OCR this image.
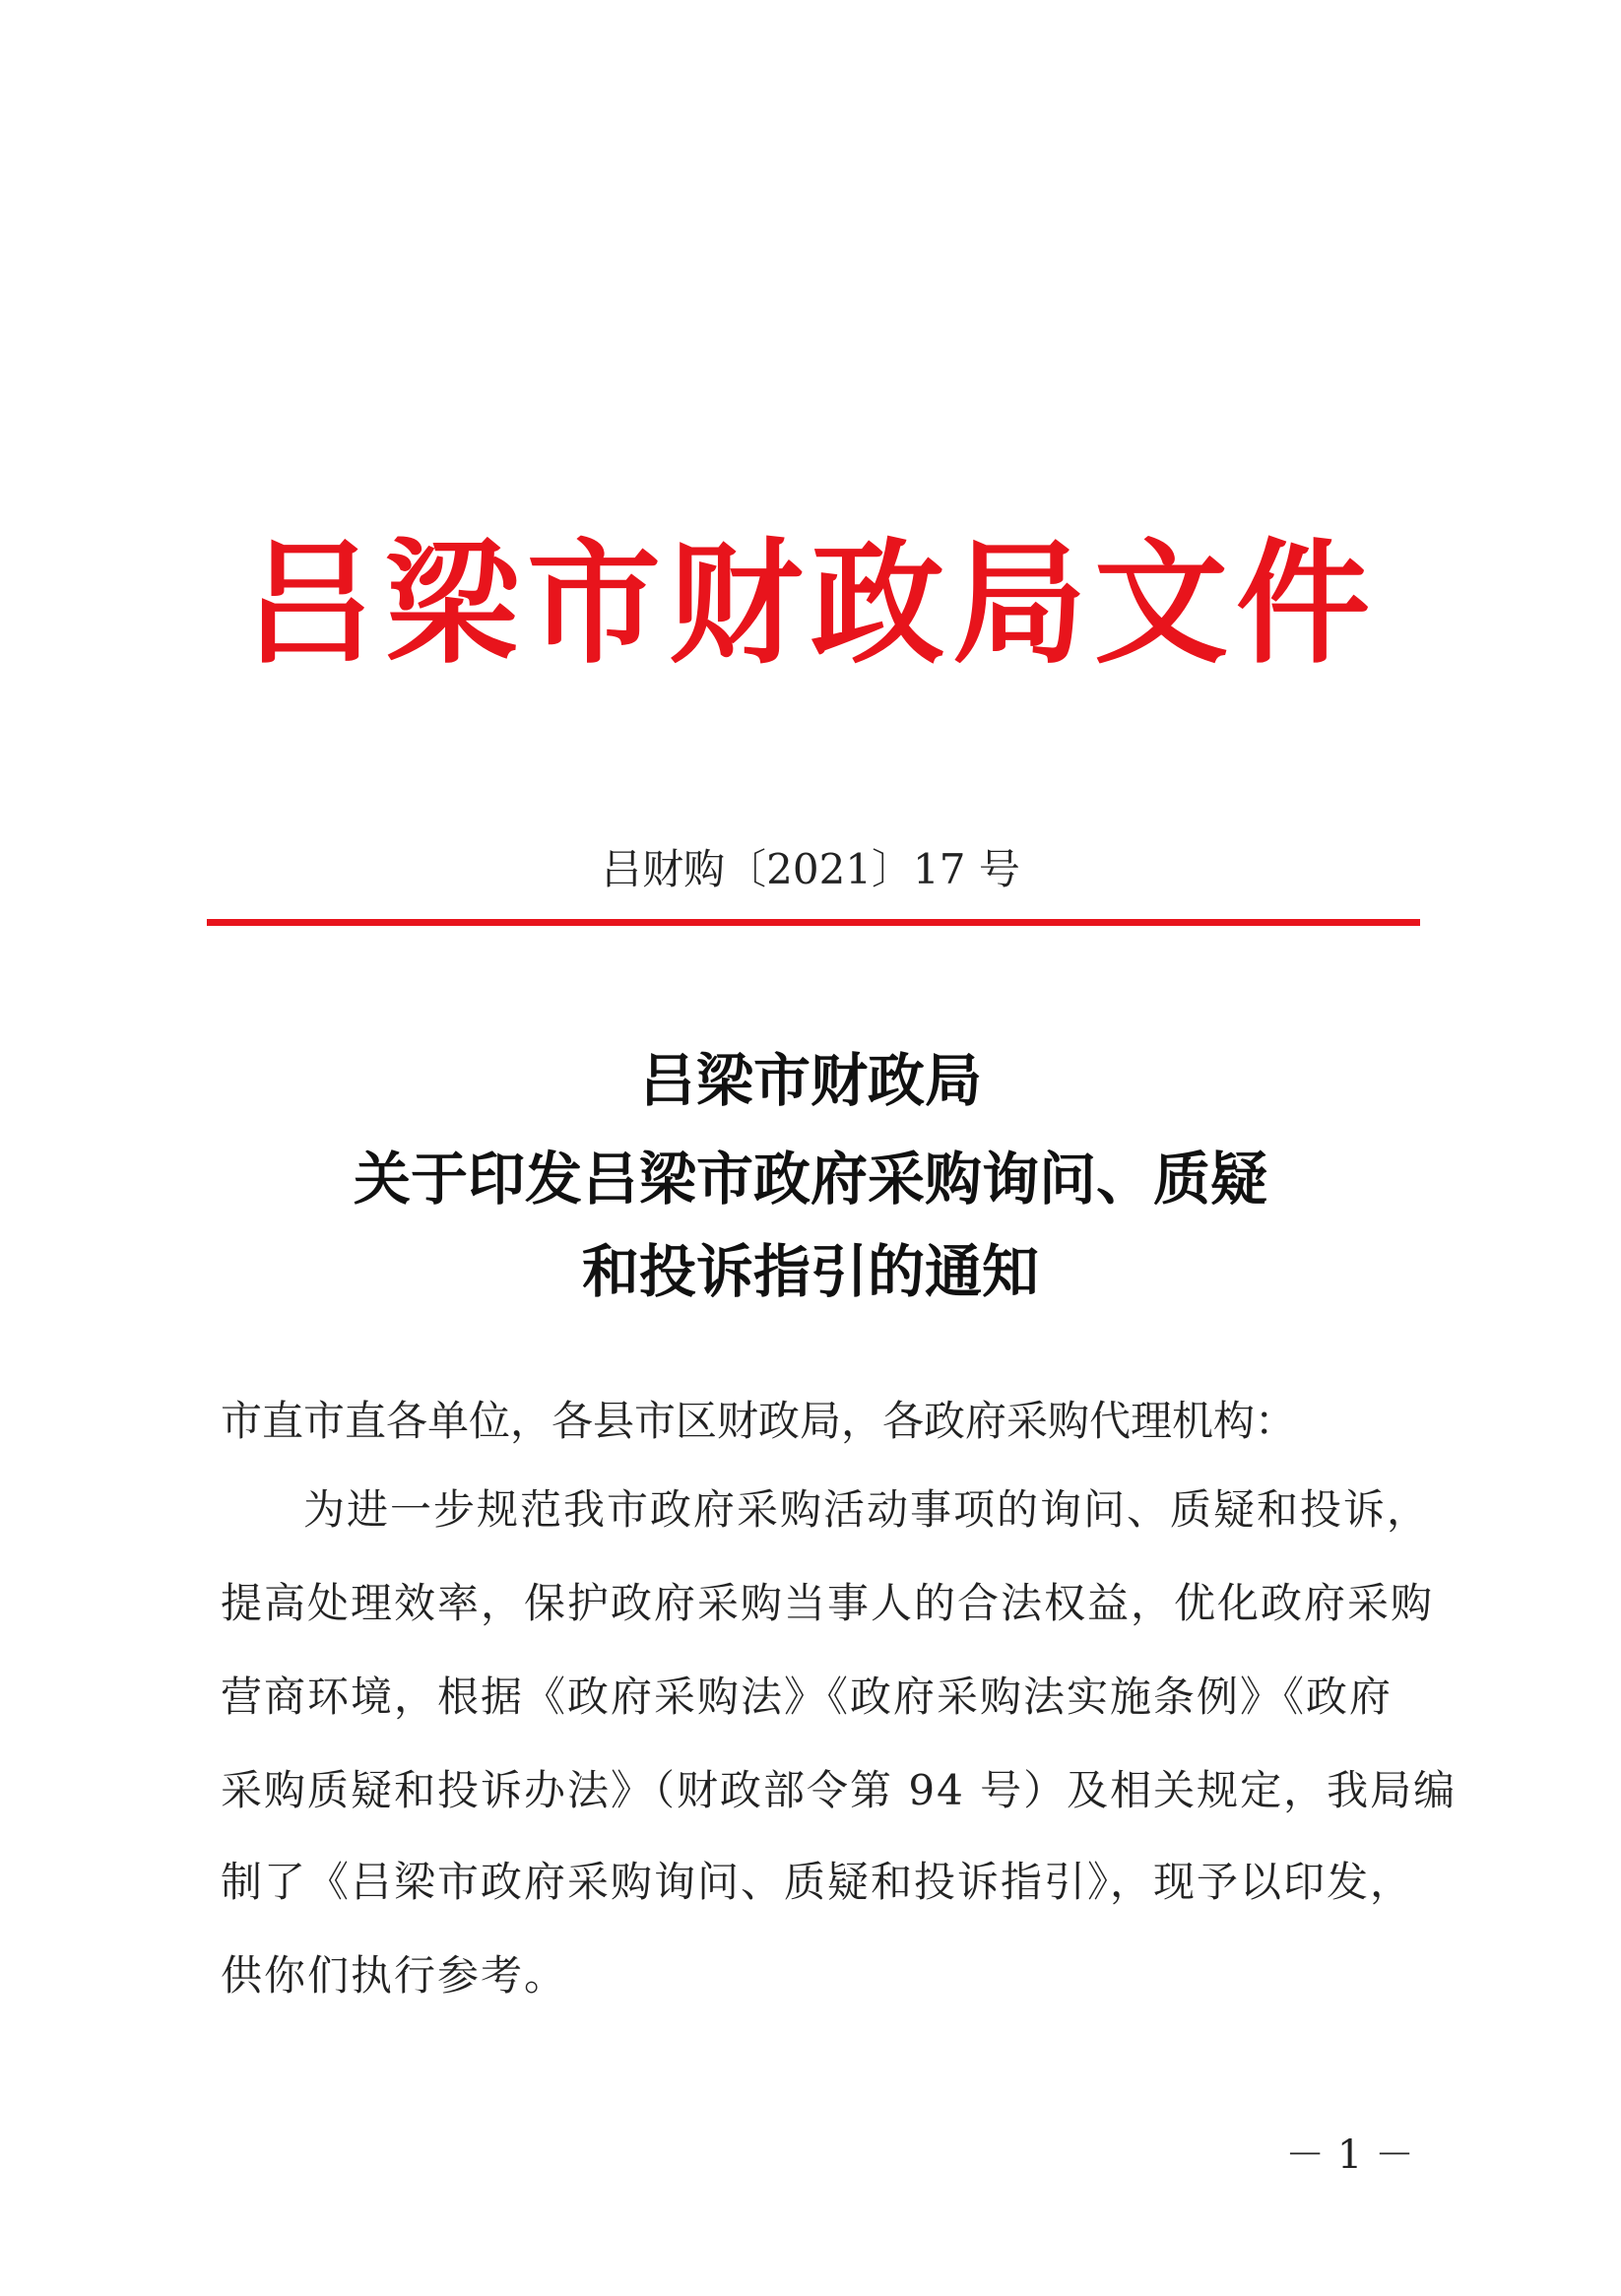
吕梁市财政局文件
吕财购〔2021〕17 号
吕梁市财政局
关于印发吕梁市政府采购询问、质疑
和投诉指引的通知
市直市直各单位，各县市区财政局，各政府采购代理机构：
为进一步规范我市政府采购活动事项的询问、质疑和投诉，
提高处理效率，保护政府采购当事人的合法权益，优化政府采购
营商环境，根据《政府采购法》《政府采购法实施条例》《政府
采购质疑和投诉办法》（财政部令第 94 号）及相关规定，我局编
制了《吕梁市政府采购询问、质疑和投诉指引》，现予以印发，
供你们执行参考。
－ 1 －
